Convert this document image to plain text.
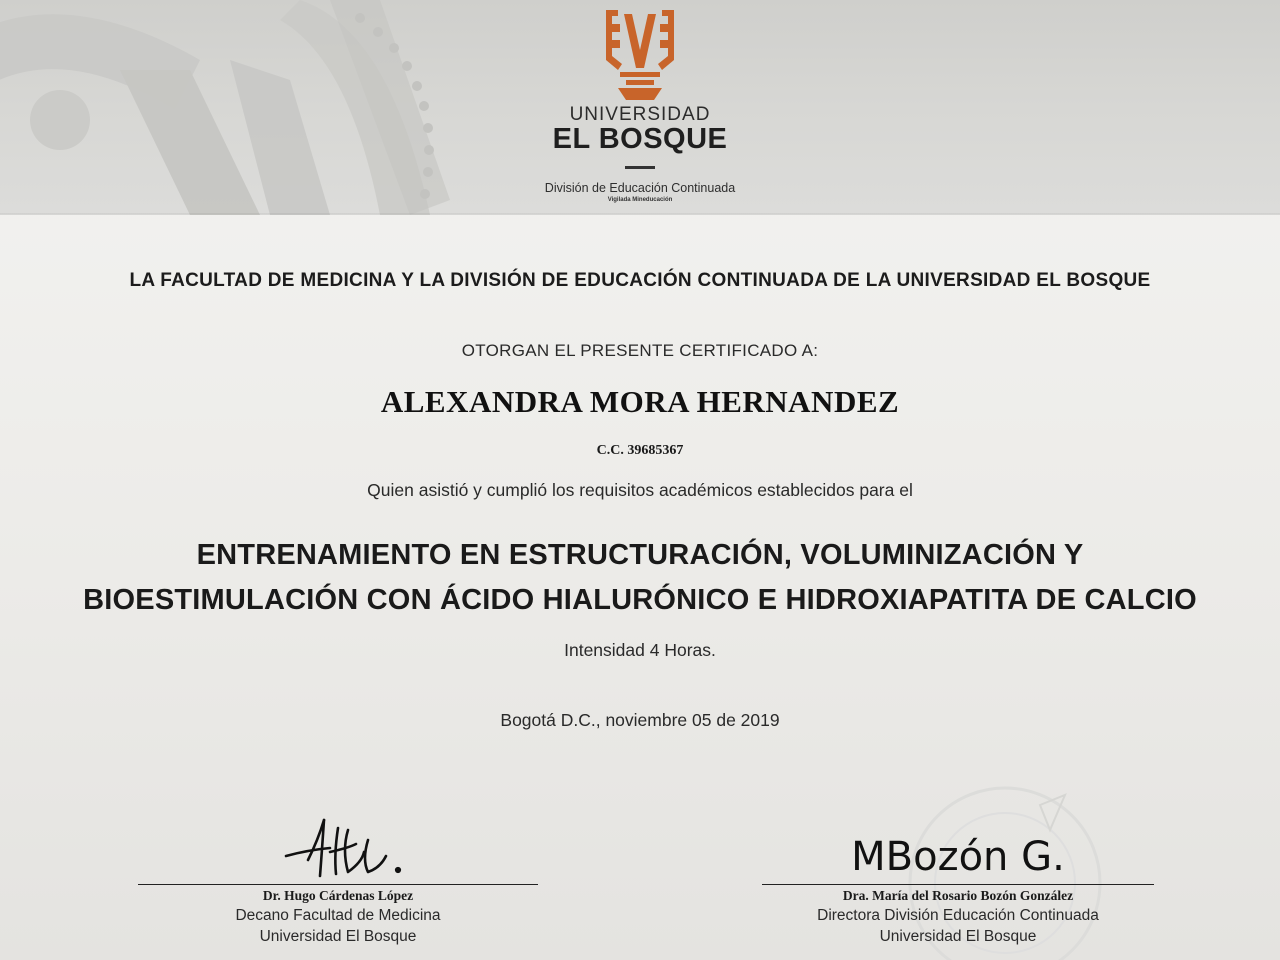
UNIVERSIDAD
EL BOSQUE
División de Educación Continuada
Vigilada Mineducación
LA FACULTAD DE MEDICINA Y LA DIVISIÓN DE EDUCACIÓN CONTINUADA DE LA UNIVERSIDAD EL BOSQUE
OTORGAN EL PRESENTE CERTIFICADO A:
ALEXANDRA MORA HERNANDEZ
C.C. 39685367
Quien asistió y cumplió los requisitos académicos establecidos para el
ENTRENAMIENTO EN ESTRUCTURACIÓN, VOLUMINIZACIÓN Y
BIOESTIMULACIÓN CON ÁCIDO HIALURÓNICO E HIDROXIAPATITA DE CALCIO
Intensidad 4 Horas.
Bogotá D.C., noviembre 05 de 2019
Dr. Hugo Cárdenas López
Decano Facultad de Medicina
Universidad El Bosque
MBozón G.
Dra. María del Rosario Bozón González
Directora División Educación Continuada
Universidad El Bosque
